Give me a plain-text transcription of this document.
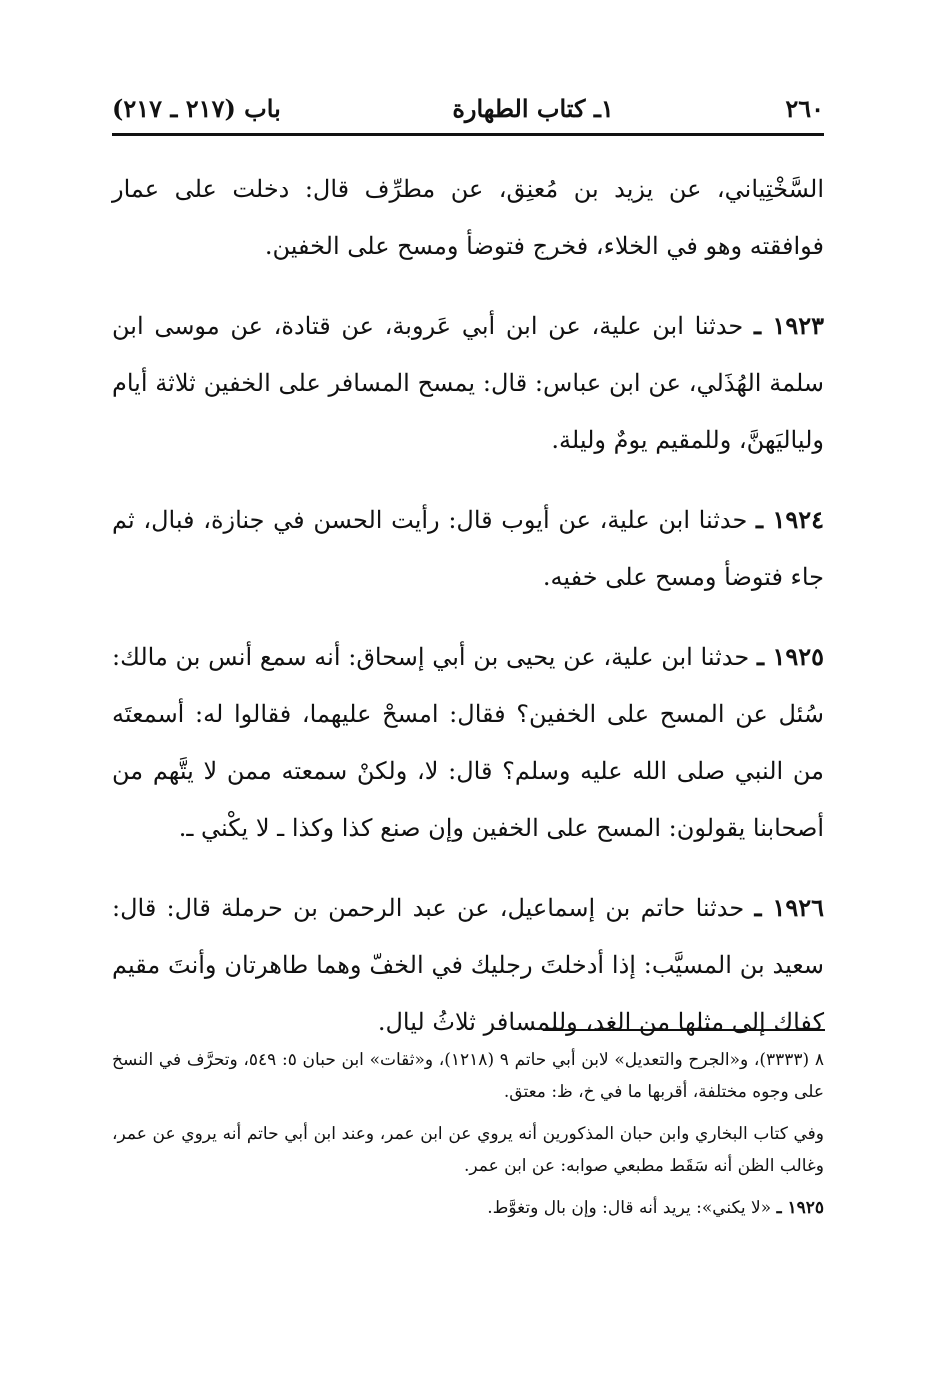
٢٦٠
١ـ كتاب الطهارة
باب (٢١٧ ـ ٢١٧)

السَّخْتِياني، عن يزيد بن مُعنِق، عن مطرِّف قال: دخلت على عمار فوافقته وهو في الخلاء، فخرج فتوضأ ومسح على الخفين.

١٩٢٣ ـ حدثنا ابن علية، عن ابن أبي عَروبة، عن قتادة، عن موسى ابن سلمة الهُذَلي، عن ابن عباس: قال: يمسح المسافر على الخفين ثلاثة أيام ولياليَهنَّ، وللمقيم يومٌ وليلة.

١٩٢٤ ـ حدثنا ابن علية، عن أيوب قال: رأيت الحسن في جنازة، فبال، ثم جاء فتوضأ ومسح على خفيه.

١٩٢٥ ـ حدثنا ابن علية، عن يحيى بن أبي إسحاق: أنه سمع أنس بن مالك: سُئل عن المسح على الخفين؟ فقال: امسحْ عليهما، فقالوا له: أسمعتَه من النبي صلى الله عليه وسلم؟ قال: لا، ولكنْ سمعته ممن لا يتَّهم من أصحابنا يقولون: المسح على الخفين وإن صنع كذا وكذا ـ لا يكْني ـ.

١٩٢٦ ـ حدثنا حاتم بن إسماعيل، عن عبد الرحمن بن حرملة قال: قال: سعيد بن المسيَّب: إذا أدخلتَ رجليك في الخفّ وهما طاهرتان وأنتَ مقيم كفاك إلى مثلها من الغد، وللمسافر ثلاثُ ليال.

٨ (٣٣٣٣)، و«الجرح والتعديل» لابن أبي حاتم ٩ (١٢١٨)، و«ثقات» ابن حبان ٥: ٥٤٩، وتحرَّف في النسخ على وجوه مختلفة، أقربها ما في خ، ظ: معتق.

وفي كتاب البخاري وابن حبان المذكورين أنه يروي عن ابن عمر، وعند ابن أبي حاتم أنه يروي عن عمر، وغالب الظن أنه سَقَط مطبعي صوابه: عن ابن عمر.

١٩٢٥ ـ «لا يكني»: يريد أنه قال: وإن بال وتغوَّط.
